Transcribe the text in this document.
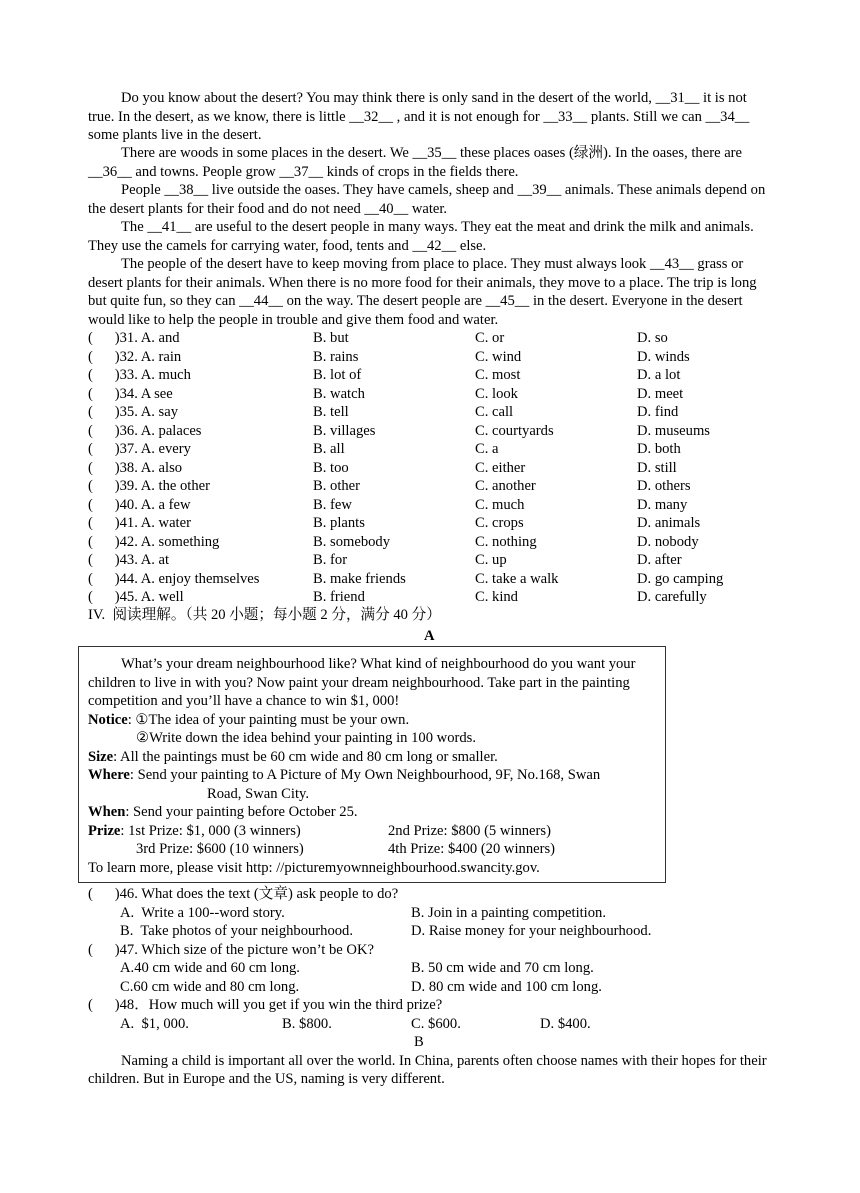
Do you know about the desert? You may think there is only sand in the desert of the world, __31__ it is not true. In the desert, as we know, there is little __32__ , and it is not enough for __33__ plants. Still we can __34__ some plants live in the desert.
There are woods in some places in the desert. We __35__ these places oases (绿洲). In the oases, there are __36__ and towns. People grow __37__ kinds of crops in the fields there.
People __38__ live outside the oases. They have camels, sheep and __39__ animals. These animals depend on the desert plants for their food and do not need __40__ water.
The __41__ are useful to the desert people in many ways. They eat the meat and drink the milk and animals. They use the camels for carrying water, food, tents and __42__ else.
The people of the desert have to keep moving from place to place. They must always look __43__ grass or desert plants for their animals. When there is no more food for their animals, they move to a place. The trip is long but quite fun, so they can __44__ on the way. The desert people are __45__ in the desert. Everyone in the desert would like to help the people in trouble and give them food and water.
(      )31. A. and	B. but	C. or	D. so
(      )32. A. rain	B. rains	C. wind	D. winds
(      )33. A. much	B. lot of	C. most	D. a lot
(      )34. A see	B. watch	C. look	D. meet
(      )35. A. say	B. tell	C. call	D. find
(      )36. A. palaces	B. villages	C. courtyards	D. museums
(      )37. A. every	B. all	C. a	D. both
(      )38. A. also	B. too	C. either	D. still
(      )39. A. the other	B. other	C. another	D. others
(      )40. A. a few	B. few	C. much	D. many
(      )41. A. water	B. plants	C. crops	D. animals
(      )42. A. something	B. somebody	C. nothing	D. nobody
(      )43. A. at	B. for	C. up	D. after
(      )44. A. enjoy themselves	B. make friends	C. take a walk	D. go camping
(      )45. A. well	B. friend	C. kind	D. carefully
IV.  阅读理解。（共 20 小题；每小题 2 分，满分 40 分）
A
What’s your dream neighbourhood like? What kind of neighbourhood do you want your children to live in with you? Now paint your dream neighbourhood. Take part in the painting competition and you’ll have a chance to win $1, 000!
Notice: ①The idea of your painting must be your own.
②Write down the idea behind your painting in 100 words.
Size: All the paintings must be 60 cm wide and 80 cm long or smaller.
Where: Send your painting to A Picture of My Own Neighbourhood, 9F, No.168, Swan
Road, Swan City.
When: Send your painting before October 25.
Prize: 1st Prize: $1, 000 (3 winners)	2nd Prize: $800 (5 winners)
3rd Prize: $600 (10 winners)	4th Prize: $400 (20 winners)
To learn more, please visit http: //picturemyownneighbourhood.swancity.gov.
(      )46. What does the text (文章) ask people to do?
A.  Write a 100--word story.	B. Join in a painting competition.
B.  Take photos of your neighbourhood.	D. Raise money for your neighbourhood.
(      )47. Which size of the picture won’t be OK?
A.40 cm wide and 60 cm long.	B. 50 cm wide and 70 cm long.
C.60 cm wide and 80 cm long.	D. 80 cm wide and 100 cm long.
(      )48．How much will you get if you win the third prize?
A.  $1, 000.	B. $800.	C. $600.	D. $400.
B
Naming a child is important all over the world. In China, parents often choose names with their hopes for their children. But in Europe and the US, naming is very different.
